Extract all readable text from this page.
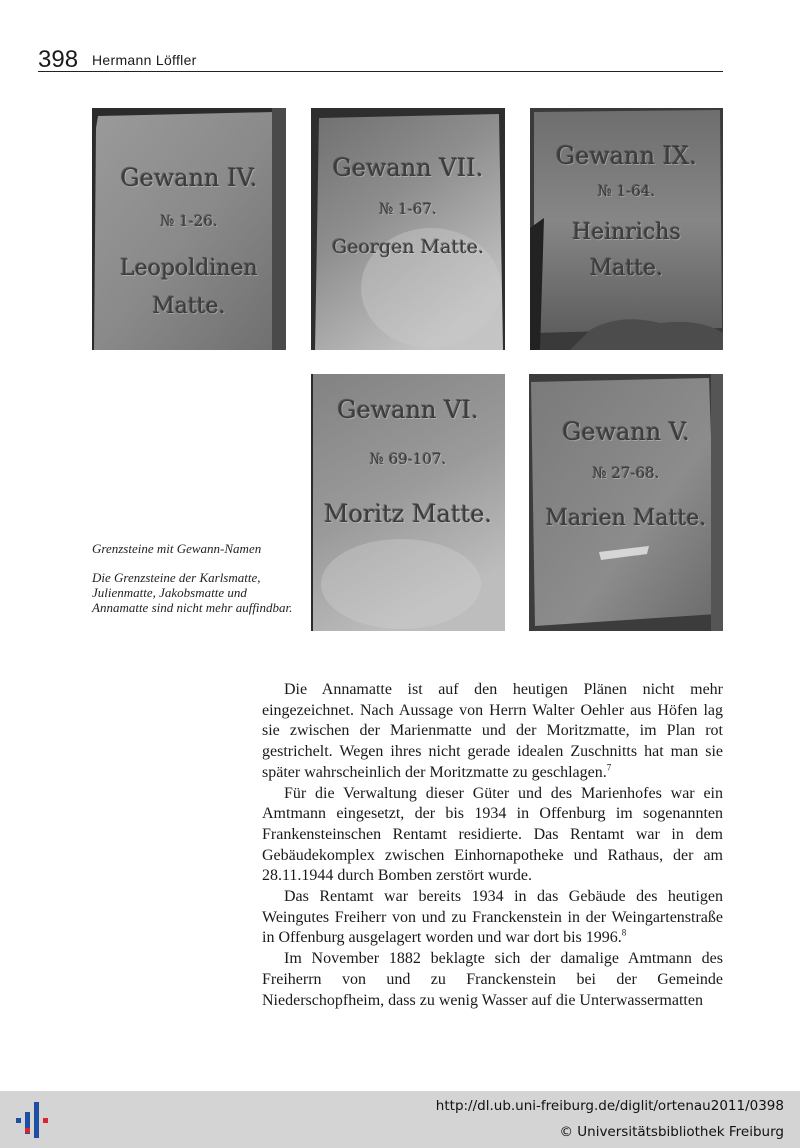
398 Hermann Löffler
Gewann IV.
№ 1-26.
Leopoldinen
Matte.
Gewann VII.
№ 1-67.
Georgen Matte.
Gewann IX.
№ 1-64.
Heinrichs
Matte.
Gewann VI.
№ 69-107.
Moritz Matte.
Gewann V.
№ 27-68.
Marien Matte.
Grenzsteine mit Gewann-Namen
Die Grenzsteine der Karlsmatte, Julienmatte, Jakobsmatte und Annamatte sind nicht mehr auffindbar.

Die Annamatte ist auf den heutigen Plänen nicht mehr eingezeichnet. Nach Aussage von Herrn Walter Oehler aus Höfen lag sie zwischen der Marienmatte und der Moritzmatte, im Plan rot gestrichelt. Wegen ihres nicht gerade idealen Zuschnitts hat man sie später wahrscheinlich der Moritzmatte zu geschlagen.$^7$

Für die Verwaltung dieser Güter und des Marienhofes war ein Amtmann eingesetzt, der bis 1934 in Offenburg im sogenannten Frankensteinschen Rentamt residierte. Das Rentamt war in dem Gebäudekomplex zwischen Einhornapotheke und Rathaus, der am 28.11.1944 durch Bomben zerstört wurde.

Das Rentamt war bereits 1934 in das Gebäude des heutigen Weingutes Freiherr von und zu Franckenstein in der Weingartenstraße in Offenburg ausgelagert worden und war dort bis 1996.$^8$

Im November 1882 beklagte sich der damalige Amtmann des Freiherrn von und zu Franckenstein bei der Gemeinde Niederschopfheim, dass zu wenig Wasser auf die Unterwassermatten

http://dl.ub.uni-freiburg.de/diglit/ortenau2011/0398
© Universitätsbibliothek Freiburg
